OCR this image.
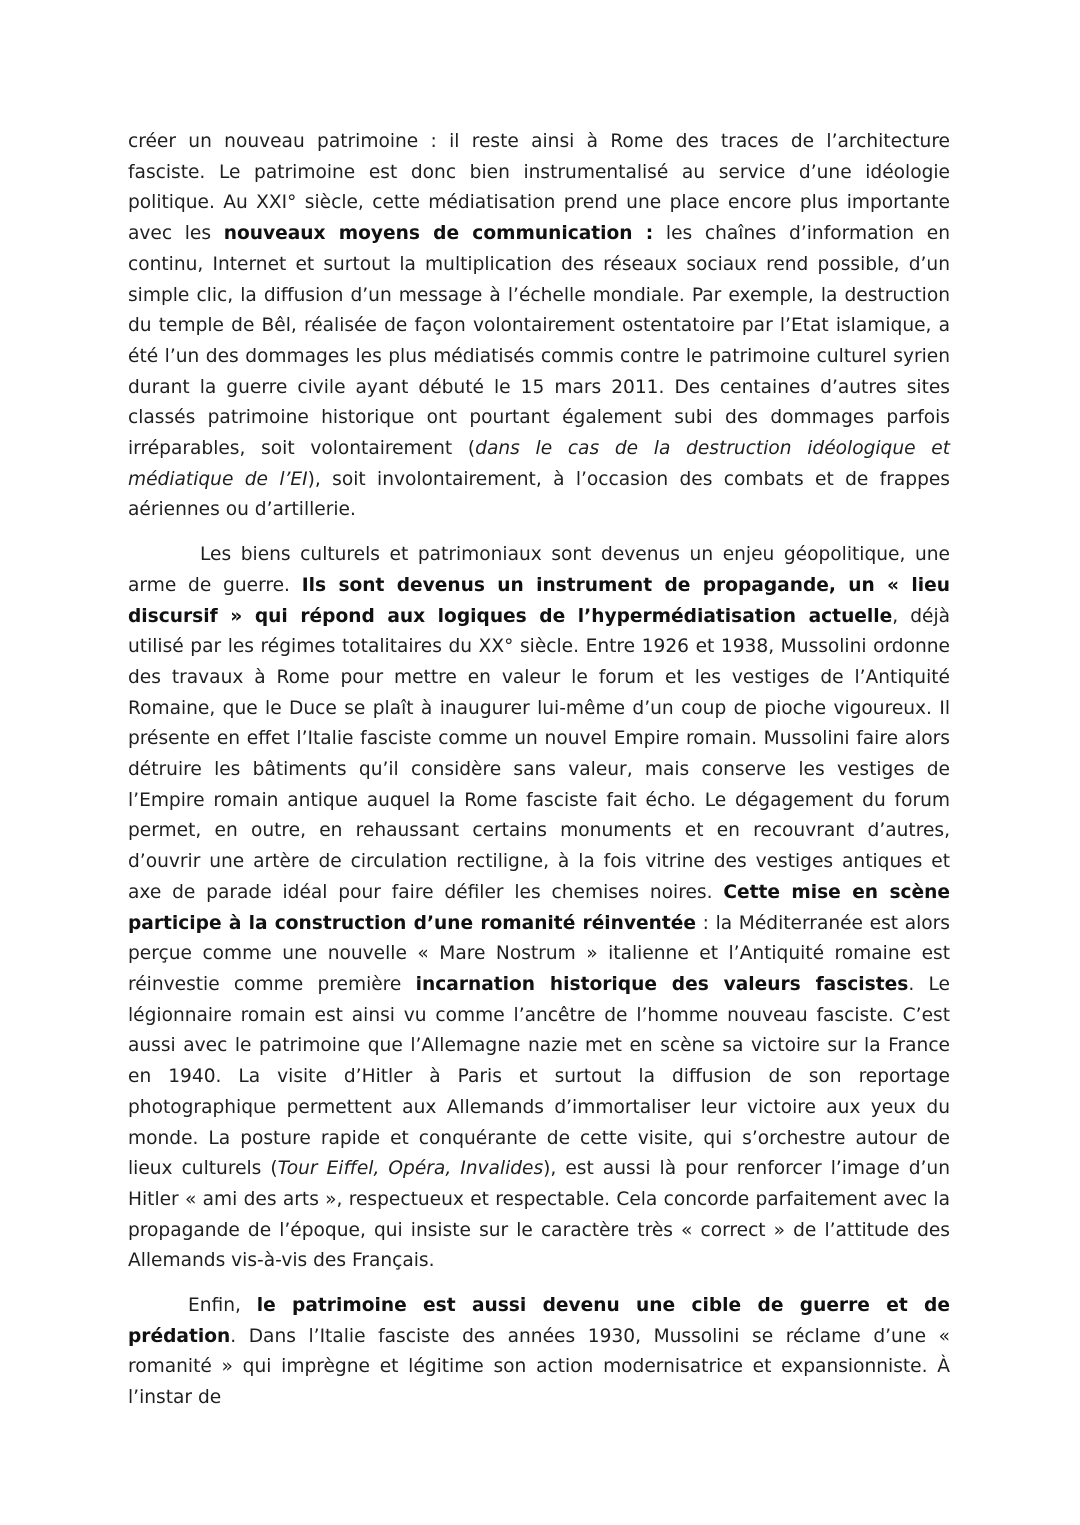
créer un nouveau patrimoine : il reste ainsi à Rome des traces de l’architecture fasciste. Le patrimoine est donc bien instrumentalisé au service d’une idéologie politique. Au XXI° siècle, cette médiatisation prend une place encore plus importante avec les nouveaux moyens de communication : les chaînes d’information en continu, Internet et surtout la multiplication des réseaux sociaux rend possible, d’un simple clic, la diffusion d’un message à l’échelle mondiale. Par exemple, la destruction du temple de Bêl, réalisée de façon volontairement ostentatoire par l’Etat islamique, a été l’un des dommages les plus médiatisés commis contre le patrimoine culturel syrien durant la guerre civile ayant débuté le 15 mars 2011. Des centaines d’autres sites classés patrimoine historique ont pourtant également subi des dommages parfois irréparables, soit volontairement (dans le cas de la destruction idéologique et médiatique de l’EI), soit involontairement, à l’occasion des combats et de frappes aériennes ou d’artillerie.

Les biens culturels et patrimoniaux sont devenus un enjeu géopolitique, une arme de guerre. Ils sont devenus un instrument de propagande, un « lieu discursif » qui répond aux logiques de l’hypermédiatisation actuelle, déjà utilisé par les régimes totalitaires du XX° siècle. Entre 1926 et 1938, Mussolini ordonne des travaux à Rome pour mettre en valeur le forum et les vestiges de l’Antiquité Romaine, que le Duce se plaît à inaugurer lui-même d’un coup de pioche vigoureux. Il présente en effet l’Italie fasciste comme un nouvel Empire romain. Mussolini faire alors détruire les bâtiments qu’il considère sans valeur, mais conserve les vestiges de l’Empire romain antique auquel la Rome fasciste fait écho. Le dégagement du forum permet, en outre, en rehaussant certains monuments et en recouvrant d’autres, d’ouvrir une artère de circulation rectiligne, à la fois vitrine des vestiges antiques et axe de parade idéal pour faire défiler les chemises noires. Cette mise en scène participe à la construction d’une romanité réinventée : la Méditerranée est alors perçue comme une nouvelle « Mare Nostrum » italienne et l’Antiquité romaine est réinvestie comme première incarnation historique des valeurs fascistes. Le légionnaire romain est ainsi vu comme l’ancêtre de l’homme nouveau fasciste. C’est aussi avec le patrimoine que l’Allemagne nazie met en scène sa victoire sur la France en 1940. La visite d’Hitler à Paris et surtout la diffusion de son reportage photographique permettent aux Allemands d’immortaliser leur victoire aux yeux du monde. La posture rapide et conquérante de cette visite, qui s’orchestre autour de lieux culturels (Tour Eiffel, Opéra, Invalides), est aussi là pour renforcer l’image d’un Hitler « ami des arts », respectueux et respectable. Cela concorde parfaitement avec la propagande de l’époque, qui insiste sur le caractère très « correct » de l’attitude des Allemands vis-à-vis des Français.

Enfin, le patrimoine est aussi devenu une cible de guerre et de prédation. Dans l’Italie fasciste des années 1930, Mussolini se réclame d’une « romanité » qui imprègne et légitime son action modernisatrice et expansionniste. À l’instar de
